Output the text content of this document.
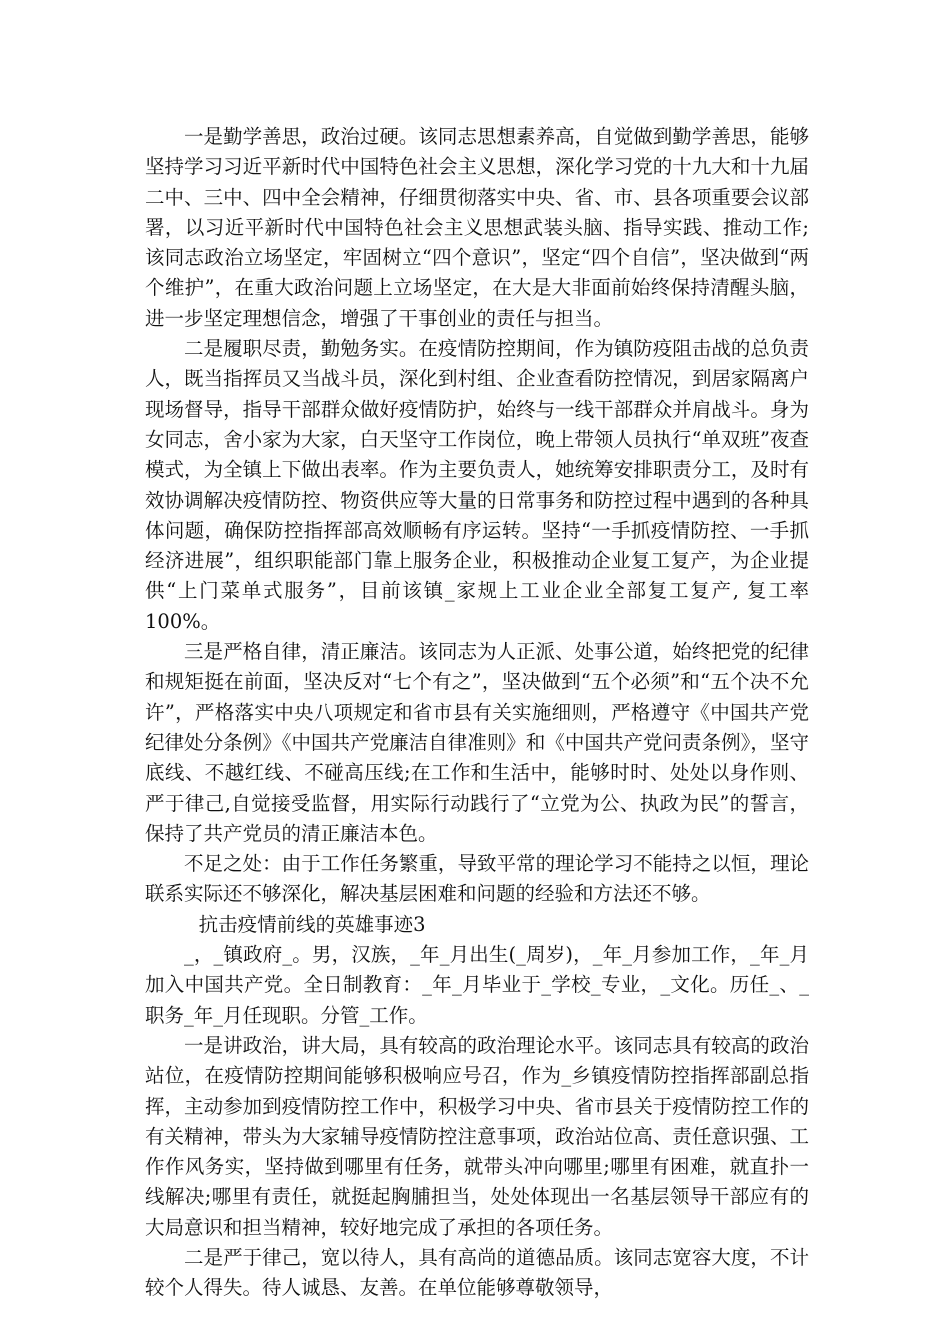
一是勤学善思，政治过硬。该同志思想素养高，自觉做到勤学善思，能够坚持学习习近平新时代中国特色社会主义思想，深化学习党的十九大和十九届二中、三中、四中全会精神，仔细贯彻落实中央、省、市、县各项重要会议部署，以习近平新时代中国特色社会主义思想武装头脑、指导实践、推动工作;该同志政治立场坚定，牢固树立“四个意识”，坚定“四个自信”，坚决做到“两个维护”，在重大政治问题上立场坚定，在大是大非面前始终保持清醒头脑，进一步坚定理想信念，增强了干事创业的责任与担当。

二是履职尽责，勤勉务实。在疫情防控期间，作为镇防疫阻击战的总负责人，既当指挥员又当战斗员，深化到村组、企业查看防控情况，到居家隔离户现场督导，指导干部群众做好疫情防护，始终与一线干部群众并肩战斗。身为女同志，舍小家为大家，白天坚守工作岗位，晚上带领人员执行“单双班”夜查模式，为全镇上下做出表率。作为主要负责人，她统筹安排职责分工，及时有效协调解决疫情防控、物资供应等大量的日常事务和防控过程中遇到的各种具体问题，确保防控指挥部高效顺畅有序运转。坚持“一手抓疫情防控、一手抓经济进展”，组织职能部门靠上服务企业，积极推动企业复工复产，为企业提供“上门菜单式服务”，目前该镇_家规上工业企业全部复工复产, 复工率100%。

三是严格自律，清正廉洁。该同志为人正派、处事公道，始终把党的纪律和规矩挺在前面，坚决反对“七个有之”，坚决做到“五个必须”和“五个决不允许”，严格落实中央八项规定和省市县有关实施细则，严格遵守《中国共产党纪律处分条例》《中国共产党廉洁自律准则》和《中国共产党问责条例》，坚守底线、不越红线、不碰高压线;在工作和生活中，能够时时、处处以身作则、严于律己,自觉接受监督，用实际行动践行了“立党为公、执政为民”的誓言，保持了共产党员的清正廉洁本色。

不足之处：由于工作任务繁重，导致平常的理论学习不能持之以恒，理论联系实际还不够深化，解决基层困难和问题的经验和方法还不够。

抗击疫情前线的英雄事迹3

_，_镇政府_。男，汉族，_年_月出生(_周岁)，_年_月参加工作，_年_月加入中国共产党。全日制教育：_年_月毕业于_学校_专业，_文化。历任_、_职务_年_月任现职。分管_工作。

一是讲政治，讲大局，具有较高的政治理论水平。该同志具有较高的政治站位，在疫情防控期间能够积极响应号召，作为_乡镇疫情防控指挥部副总指挥，主动参加到疫情防控工作中，积极学习中央、省市县关于疫情防控工作的有关精神，带头为大家辅导疫情防控注意事项，政治站位高、责任意识强、工作作风务实，坚持做到哪里有任务，就带头冲向哪里;哪里有困难，就直扑一线解决;哪里有责任，就挺起胸脯担当，处处体现出一名基层领导干部应有的大局意识和担当精神，较好地完成了承担的各项任务。

二是严于律己，宽以待人，具有高尚的道德品质。该同志宽容大度，不计较个人得失。待人诚恳、友善。在单位能够尊敬领导，
